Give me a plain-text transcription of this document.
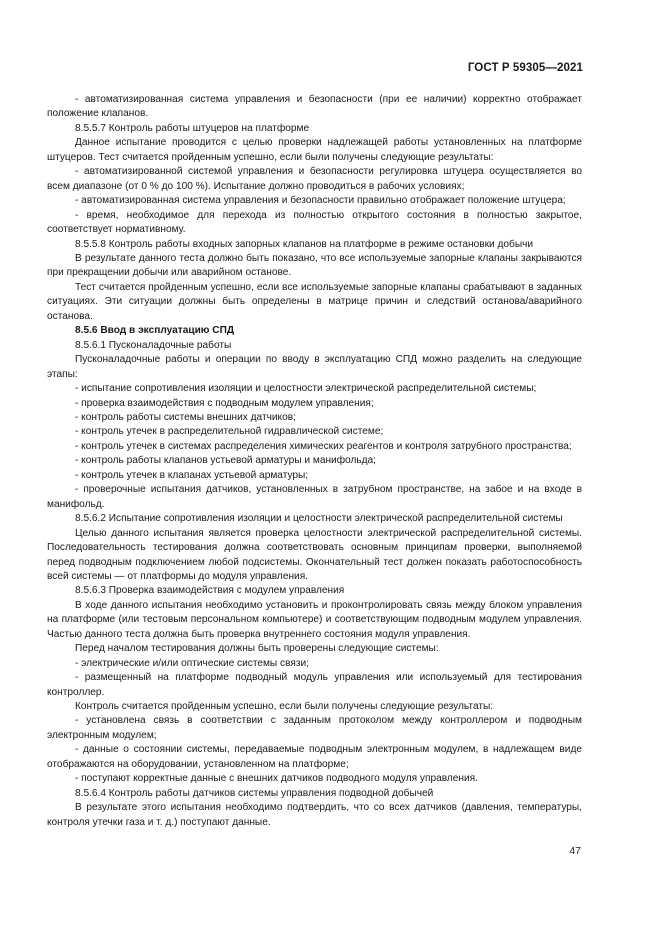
ГОСТ Р 59305—2021

- автоматизированная система управления и безопасности (при ее наличии) корректно отображает положение клапанов.

8.5.5.7 Контроль работы штуцеров на платформе

Данное испытание проводится с целью проверки надлежащей работы установленных на платформе штуцеров. Тест считается пройденным успешно, если были получены следующие результаты:

- автоматизированной системой управления и безопасности регулировка штуцера осуществляется во всем диапазоне (от 0 % до 100 %). Испытание должно проводиться в рабочих условиях;

- автоматизированная система управления и безопасности правильно отображает положение штуцера;

- время, необходимое для перехода из полностью открытого состояния в полностью закрытое, соответствует нормативному.

8.5.5.8 Контроль работы входных запорных клапанов на платформе в режиме остановки добычи

В результате данного теста должно быть показано, что все используемые запорные клапаны закрываются при прекращении добычи или аварийном останове.

Тест считается пройденным успешно, если все используемые запорные клапаны срабатывают в заданных ситуациях. Эти ситуации должны быть определены в матрице причин и следствий останова/аварийного останова.

8.5.6 Ввод в эксплуатацию СПД

8.5.6.1 Пусконаладочные работы

Пусконаладочные работы и операции по вводу в эксплуатацию СПД можно разделить на следующие этапы:

- испытание сопротивления изоляции и целостности электрической распределительной системы;

- проверка взаимодействия с подводным модулем управления;

- контроль работы системы внешних датчиков;

- контроль утечек в распределительной гидравлической системе;

- контроль утечек в системах распределения химических реагентов и контроля затрубного пространства;

- контроль работы клапанов устьевой арматуры и манифольда;

- контроль утечек в клапанах устьевой арматуры;

- проверочные испытания датчиков, установленных в затрубном пространстве, на забое и на входе в манифольд.

8.5.6.2 Испытание сопротивления изоляции и целостности электрической распределительной системы

Целью данного испытания является проверка целостности электрической распределительной системы. Последовательность тестирования должна соответствовать основным принципам проверки, выполняемой перед подводным подключением любой подсистемы. Окончательный тест должен показать работоспособность всей системы — от платформы до модуля управления.

8.5.6.3 Проверка взаимодействия с модулем управления

В ходе данного испытания необходимо установить и проконтролировать связь между блоком управления на платформе (или тестовым персональном компьютере) и соответствующим подводным модулем управления. Частью данного теста должна быть проверка внутреннего состояния модуля управления.

Перед началом тестирования должны быть проверены следующие системы:

- электрические и/или оптические системы связи;

- размещенный на платформе подводный модуль управления или используемый для тестирования контроллер.

Контроль считается пройденным успешно, если были получены следующие результаты:

- установлена связь в соответствии с заданным протоколом между контроллером и подводным электронным модулем;

- данные о состоянии системы, передаваемые подводным электронным модулем, в надлежащем виде отображаются на оборудовании, установленном на платформе;

- поступают корректные данные с внешних датчиков подводного модуля управления.

8.5.6.4 Контроль работы датчиков системы управления подводной добычей

В результате этого испытания необходимо подтвердить, что со всех датчиков (давления, температуры, контроля утечки газа и т. д.) поступают данные.

47
